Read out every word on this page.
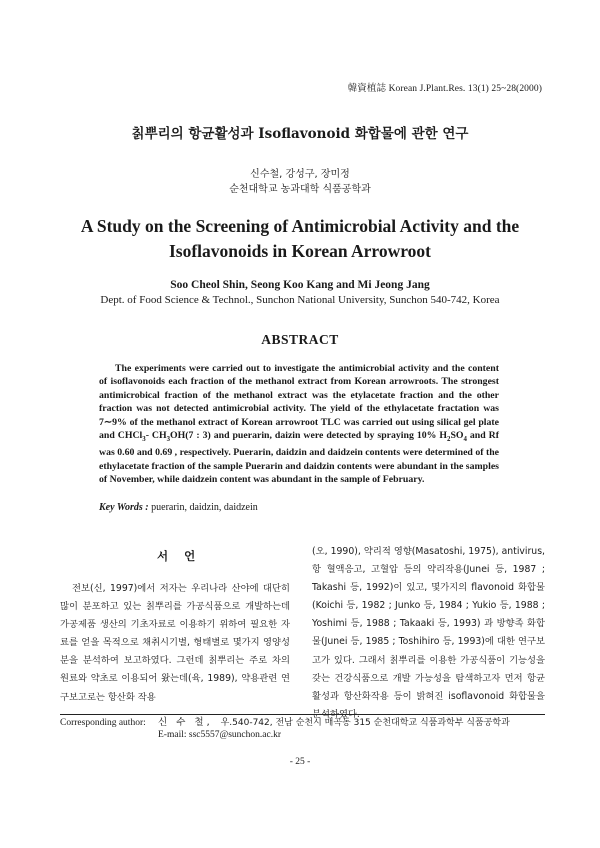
韓資植誌 Korean J.Plant.Res. 13(1) 25~28(2000)
칡뿌리의 항균활성과 Isoflavonoid 화합물에 관한 연구
신수철, 강성구, 장미정
순천대학교 농과대학 식품공학과
A Study on the Screening of Antimicrobial Activity and the
Isoflavonoids in Korean Arrowroot
Soo Cheol Shin, Seong Koo Kang and Mi Jeong Jang
Dept. of Food Science & Technol., Sunchon National University, Sunchon 540-742, Korea
ABSTRACT

The experiments were carried out to investigate the antimicrobial activity and the content of isoflavonoids each fraction of the methanol extract from Korean arrowroots. The strongest antimicrobical fraction of the methanol extract was the etylacetate fraction and the other fraction was not detected antimicrobial activity. The yield of the ethylacetate fractation was 7∼9% of the methanol extract of Korean arrowroot TLC was carried out using silical gel plate and CHCl$_3$- $CH_3OH(7$ : 3) and puerarin, daizin were detected by spraying 10% $H_2SO_4$ and Rf was 0.60 and 0.69 , respectively. Puerarin, daidzin and daidzein contents were determined of the ethylacetate fraction of the sample Puerarin and daidzin contents were abundant in the samples of November, while daidzein content was abundant in the sample of February.

Key Words : puerarin, daidzin, daidzein
서 언

전보(신, 1997)에서 저자는 우리나라 산야에 대단히 많이 분포하고 있는 칡뿌리를 가공식품으로 개발하는데 가공제품 생산의 기초자료로 이용하기 위하여 필요한 자료를 얻을 목적으로 채취시기별, 형태별로 몇가지 영양성분을 분석하여 보고하였다. 그런데 칡뿌리는 주로 차의 원료와 약초로 이용되어 왔는데(육, 1989), 약용관련 연구보고로는 항산화 작용

(오, 1990), 약리적 영향(Masatoshi, 1975), antivirus, 항 혈액응고, 고혈압 등의 약리작용(Junei 등, 1987 ; Takashi 등, 1992)이 있고, 몇가지의 flavonoid 화합물(Koichi 등, 1982 ; Junko 등, 1984 ; Yukio 등, 1988 ; Yoshimi 등, 1988 ; Takaaki 등, 1993) 과 방향족 화합물(Junei 등, 1985 ; Toshihiro 등, 1993)에 대한 연구보고가 있다. 그래서 칡뿌리를 이용한 가공식품이 기능성을 갖는 건강식품으로 개발 가능성을 탐색하고자 먼저 항균활성과 항산화작용 등이 밝혀진 isoflavonoid 화합물을 분석하였다.

Corresponding author: 신 수 철, 우.540-742, 전남 순천시 매곡동 315 순천대학교 식품과학부 식품공학과
E-mail: ssc5557@sunchon.ac.kr
- 25 -
